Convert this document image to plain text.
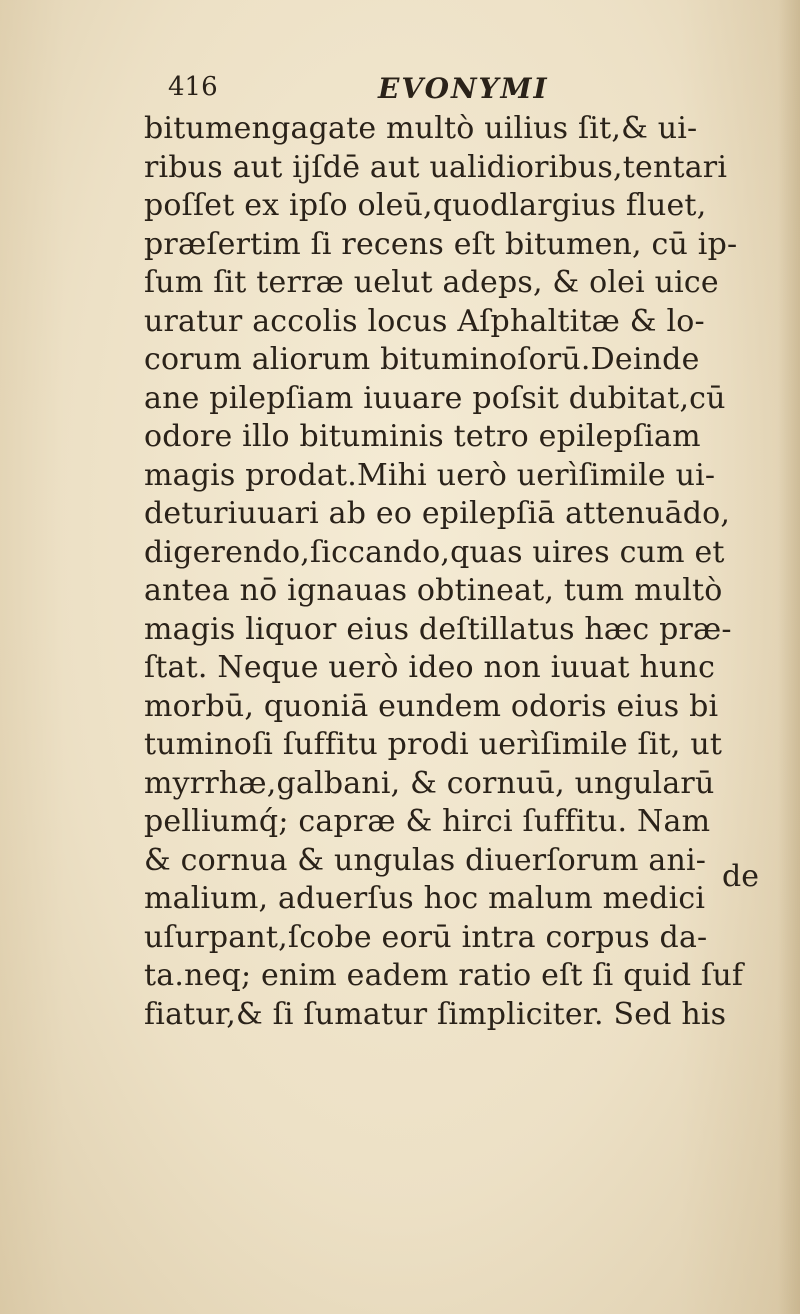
416	EVONYMI
bitumengagate multò uilius ſit,& ui-
ribus aut ijſdē aut ualidioribus,tentari
poſſet ex ipſo oleū,quodlargius fluet,
præſertim ſi recens eſt bitumen, cū ip-
ſum ſit terræ uelut adeps, & olei uice
uratur accolis locus Aſphaltitæ & lo-
corum aliorum bituminoſorū.Deinde
ane pilepſiam iuuare poſsit dubitat,cū
odore illo bituminis tetro epilepſiam
magis prodat.Mihi uerò uerìſimile ui-
deturiuuari ab eo epilepſiā attenuādo,
digerendo,ſiccando,quas uires cum et
antea nō ignauas obtineat, tum multò
magis liquor eius deſtillatus hæc præ-
ſtat. Neque uerò ideo non iuuat hunc
morbū, quoniā eundem odoris eius bi
tuminoſi ſuffitu prodi uerìſimile ſit, ut
myrrhæ,galbani, & cornuū, ungularū
pelliumq́; capræ & hirci ſuffitu. Nam
& cornua & ungulas diuerſorum ani-
malium, aduerſus hoc malum medici
uſurpant,ſcobe eorū intra corpus da-
ta.neq; enim eadem ratio eſt ſi quid ſuf
fiatur,& ſi ſumatur ſimpliciter. Sed his
de
